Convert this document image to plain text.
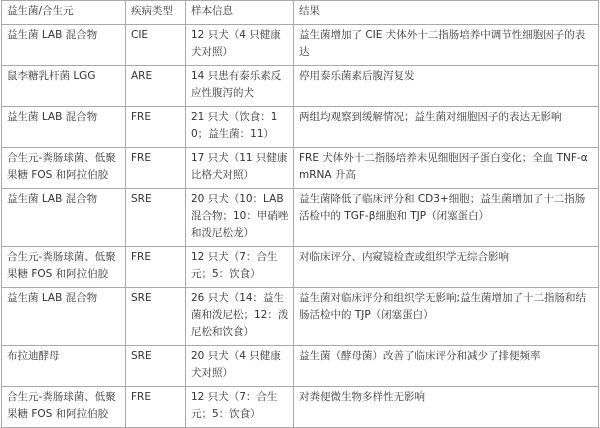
益生菌/合生元	疾病类型	样本信息	结果
益生菌 LAB 混合物	CIE	12 只犬（4 只健康犬对照）	益生菌增加了 CIE 犬体外十二指肠培养中调节性细胞因子的表达
鼠李糖乳杆菌 LGG	ARE	14 只患有泰乐素反应性腹泻的犬	停用泰乐菌素后腹泻复发
益生菌 LAB 混合物	FRE	21 只犬（饮食：10；益生菌：11）	两组均观察到缓解情况；益生菌对细胞因子的表达无影响
合生元-粪肠球菌、低聚果糖 FOS 和阿拉伯胶	FRE	17 只犬（11 只健康比格犬对照）	FRE 犬体外十二指肠培养未见细胞因子蛋白变化；全血 TNF-α mRNA 升高
益生菌 LAB 混合物	SRE	20 只犬（10：LAB 混合物；10：甲硝唑和泼尼松龙）	益生菌降低了临床评分和 CD3+细胞；益生菌增加了十二指肠活检中的 TGF-β细胞和 TJP（闭塞蛋白）
合生元-粪肠球菌、低聚果糖 FOS 和阿拉伯胶	FRE	12 只犬（7：合生元；5：饮食）	对临床评分、内窥镜检查或组织学无综合影响
益生菌 LAB 混合物	SRE	26 只犬（14：益生菌和泼尼松；12：泼尼松和饮食）	益生菌对临床评分和组织学无影响;益生菌增加了十二指肠和结肠活检中的 TJP（闭塞蛋白）
布拉迪酵母	SRE	20 只犬（4 只健康犬对照）	益生菌（酵母菌）改善了临床评分和减少了排便频率
合生元-粪肠球菌、低聚果糖 FOS 和阿拉伯胶	FRE	12 只犬（7：合生元；5：饮食）	对粪便微生物多样性无影响
